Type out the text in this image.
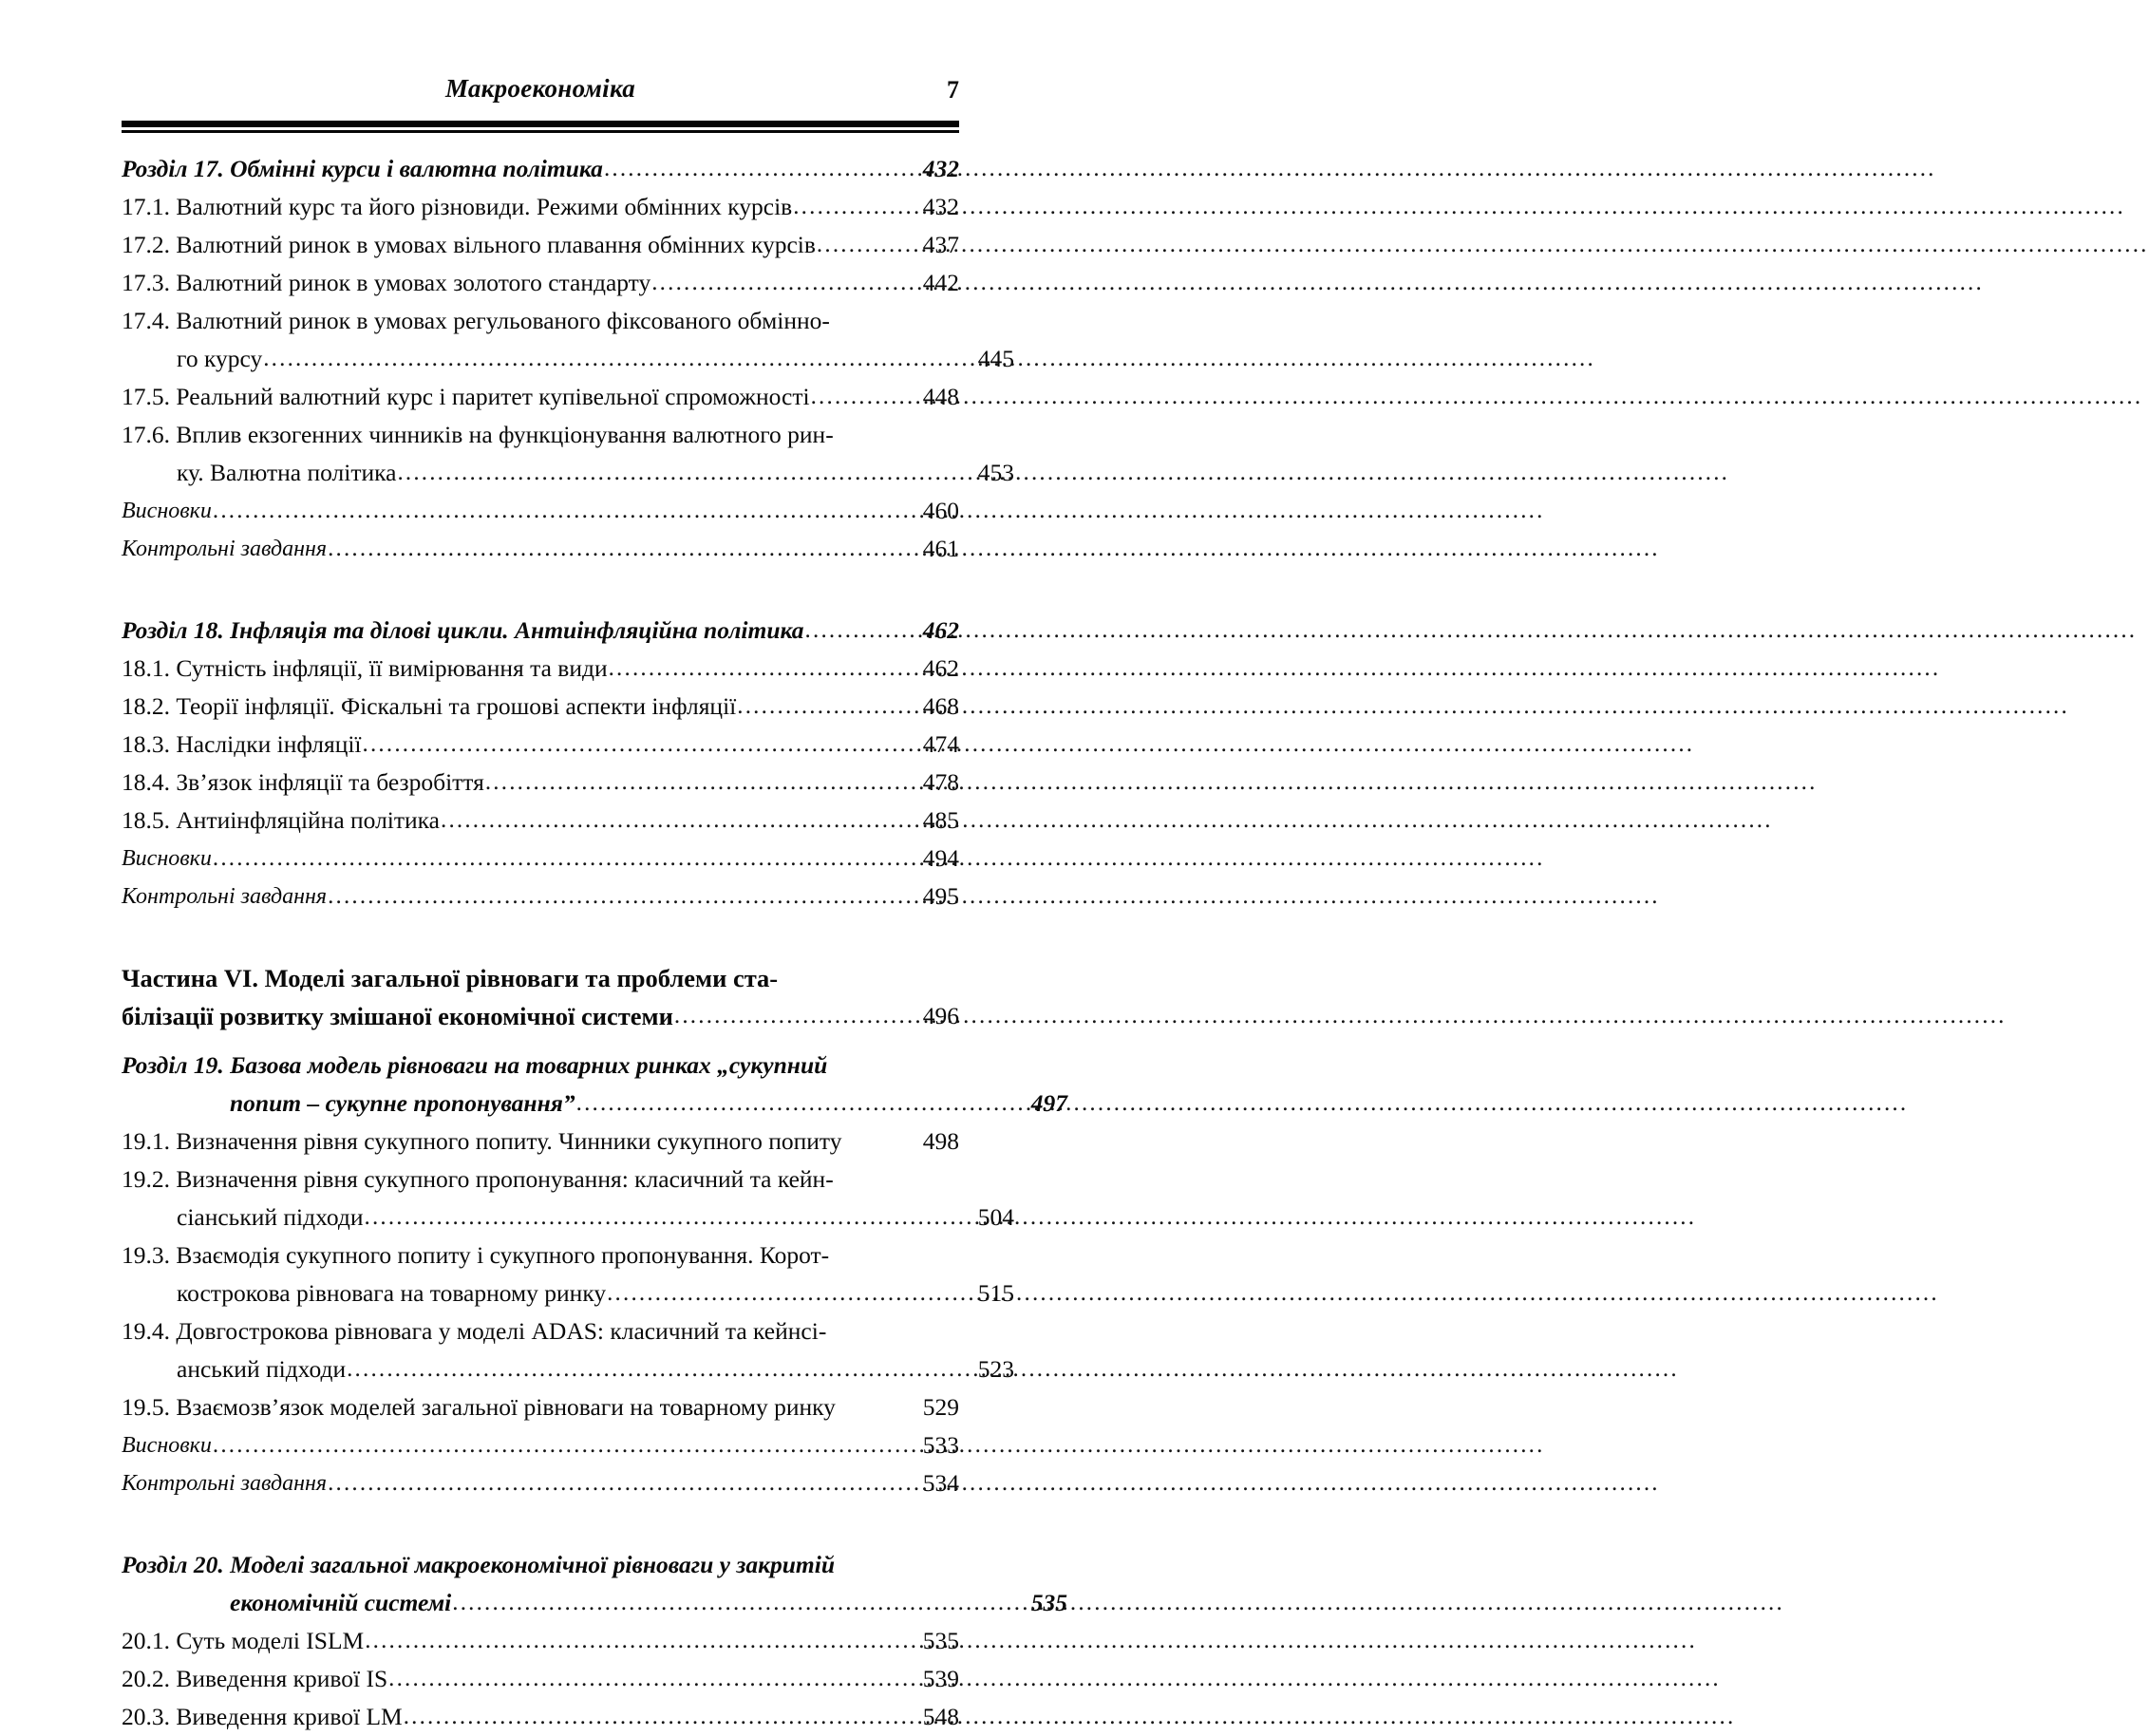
Макроекономіка	7
Розділ 17. Обмінні курси і валютна політика .....	432
17.1. Валютний курс та його різновиди. Режими обмінних курсів .....	432
17.2. Валютний ринок в умовах вільного плавання обмінних курсів .....	437
17.3. Валютний ринок в умовах золотого стандарту .....	442
17.4. Валютний ринок в умовах регульованого фіксованого обмінно-
го курсу .....	445
17.5. Реальний валютний курс і паритет купівельної спроможності .....	448
17.6. Вплив екзогенних чинників на функціонування валютного рин-
ку. Валютна політика .....	453
Висновки .....	460
Контрольні завдання .....	461
Розділ 18. Інфляція та ділові цикли. Антиінфляційна політика .....	462
18.1. Сутність інфляції, її вимірювання та види .....	462
18.2. Теорії інфляції. Фіскальні та грошові аспекти інфляції .....	468
18.3. Наслідки інфляції .....	474
18.4. Зв’язок інфляції та безробіття .....	478
18.5. Антиінфляційна політика .....	485
Висновки .....	494
Контрольні завдання .....	495
Частина VI. Моделі загальної рівноваги та проблеми ста-
білізації розвитку змішаної економічної системи .....	496
Розділ 19. Базова модель рівноваги на товарних ринках „сукупний
попит – сукупне пропонування” .....	497
19.1. Визначення рівня сукупного попиту. Чинники сукупного попиту	498
19.2. Визначення рівня сукупного пропонування: класичний та кейн-
сіанський підходи .....	504
19.3. Взаємодія сукупного попиту і сукупного пропонування. Корот-
кострокова рівновага на товарному ринку .....	515
19.4. Довгострокова рівновага у моделі ADAS: класичний та кейнсі-
анський підходи .....	523
19.5. Взаємозв’язок моделей загальної рівноваги на товарному ринку	529
Висновки .....	533
Контрольні завдання .....	534
Розділ 20. Моделі загальної макроекономічної рівноваги у закритій
економічній системі .....	535
20.1. Суть моделі ISLM .....	535
20.2. Виведення кривої IS .....	539
20.3. Виведення кривої LM .....	548
